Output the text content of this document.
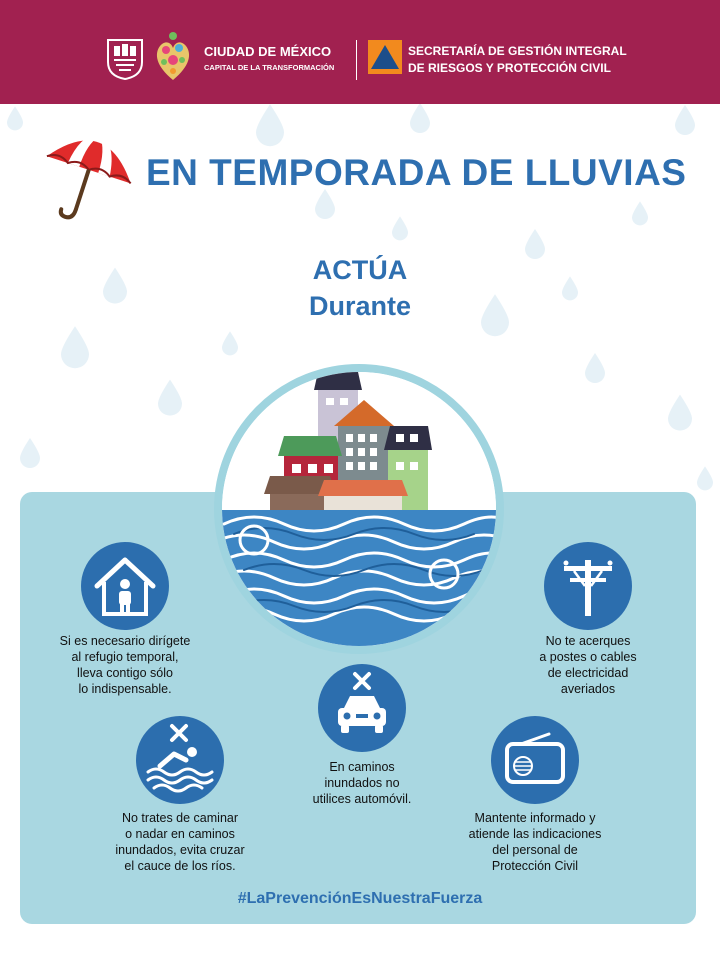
CIUDAD DE MÉXICO
CAPITAL DE LA TRANSFORMACIÓN
SECRETARÍA DE GESTIÓN INTEGRAL
DE RIESGOS Y PROTECCIÓN CIVIL
EN TEMPORADA DE LLUVIAS
ACTÚA
Durante
Si es necesario dirígete
al refugio temporal,
lleva contigo sólo
lo indispensable.
En caminos
inundados no
utilices automóvil.
No te acerques
a postes o cables
de electricidad
averiados
No trates de caminar
o nadar en caminos
inundados, evita cruzar
el cauce de los ríos.
Mantente informado y
atiende las indicaciones
del personal de
Protección Civil
#LaPrevenciónEsNuestraFuerza
